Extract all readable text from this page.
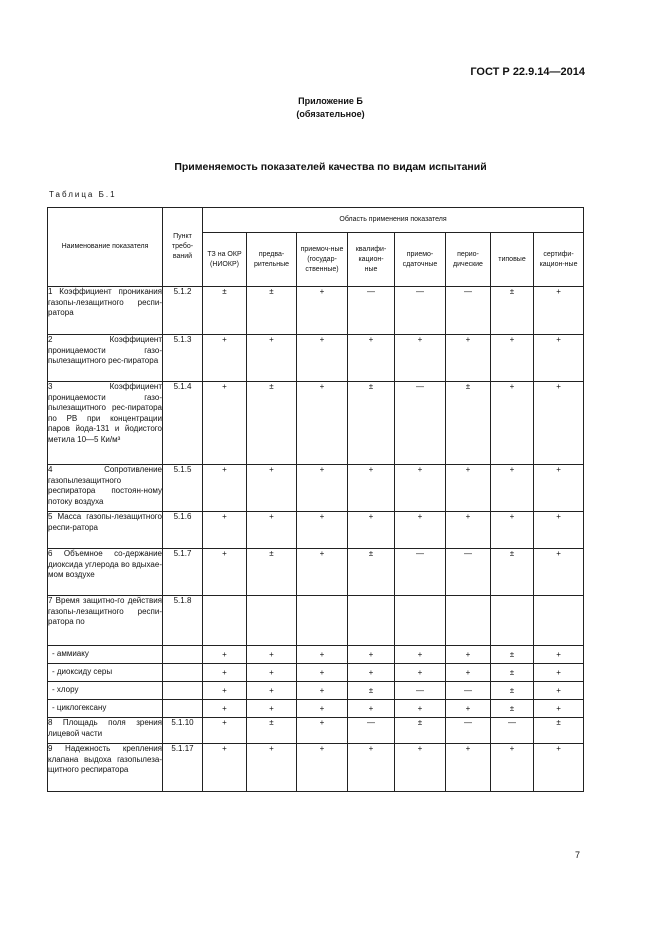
ГОСТ Р 22.9.14—2014
Приложение Б
(обязательное)
Применяемость показателей качества по видам испытаний
Таблица Б.1
Наименование показателя	Пункт требо-ваний	Область применения показателя							
		ТЗ на ОКР (НИОКР)	предва-рительные	приемоч-ные (государ-ственные)	квалифи-кацион-ные	приемо-сдаточные	перио-дические	типовые	сертифи-кацион-ные
1 Коэффициент проникания газопы-лезащитного респи-ратора	5.1.2	±	±	+	—	—	—	±	+
2 Коэффициент проницаемости газо-пылезащитного рес-пиратора	5.1.3	+	+	+	+	+	+	+	+
3 Коэффициент проницаемости газо-пылезащитного рес-пиратора по РВ при концентрации паров йода-131 и йодистого метила 10—5 Ки/м³	5.1.4	+	±	+	±	—	±	+	+
4 Сопротивление газопылезащитного респиратора постоян-ному потоку воздуха	5.1.5	+	+	+	+	+	+	+	+
5 Масса газопы-лезащитного респи-ратора	5.1.6	+	+	+	+	+	+	+	+
6 Объемное со-держание диоксида углерода во вдыхае-мом воздухе	5.1.7	+	±	+	±	—	—	±	+
7 Время защитно-го действия газопы-лезащитного респи-ратора по	5.1.8								
- аммиаку		+	+	+	+	+	+	±	+
- диоксиду серы		+	+	+	+	+	+	±	+
- хлору		+	+	+	±	—	—	±	+
- циклогексану		+	+	+	+	+	+	±	+
8 Площадь поля зрения лицевой части	5.1.10	+	±	+	—	±	—	—	±
9 Надежность крепления клапана выдоха газопылеза-щитного респиратора	5.1.17	+	+	+	+	+	+	+	+
7
